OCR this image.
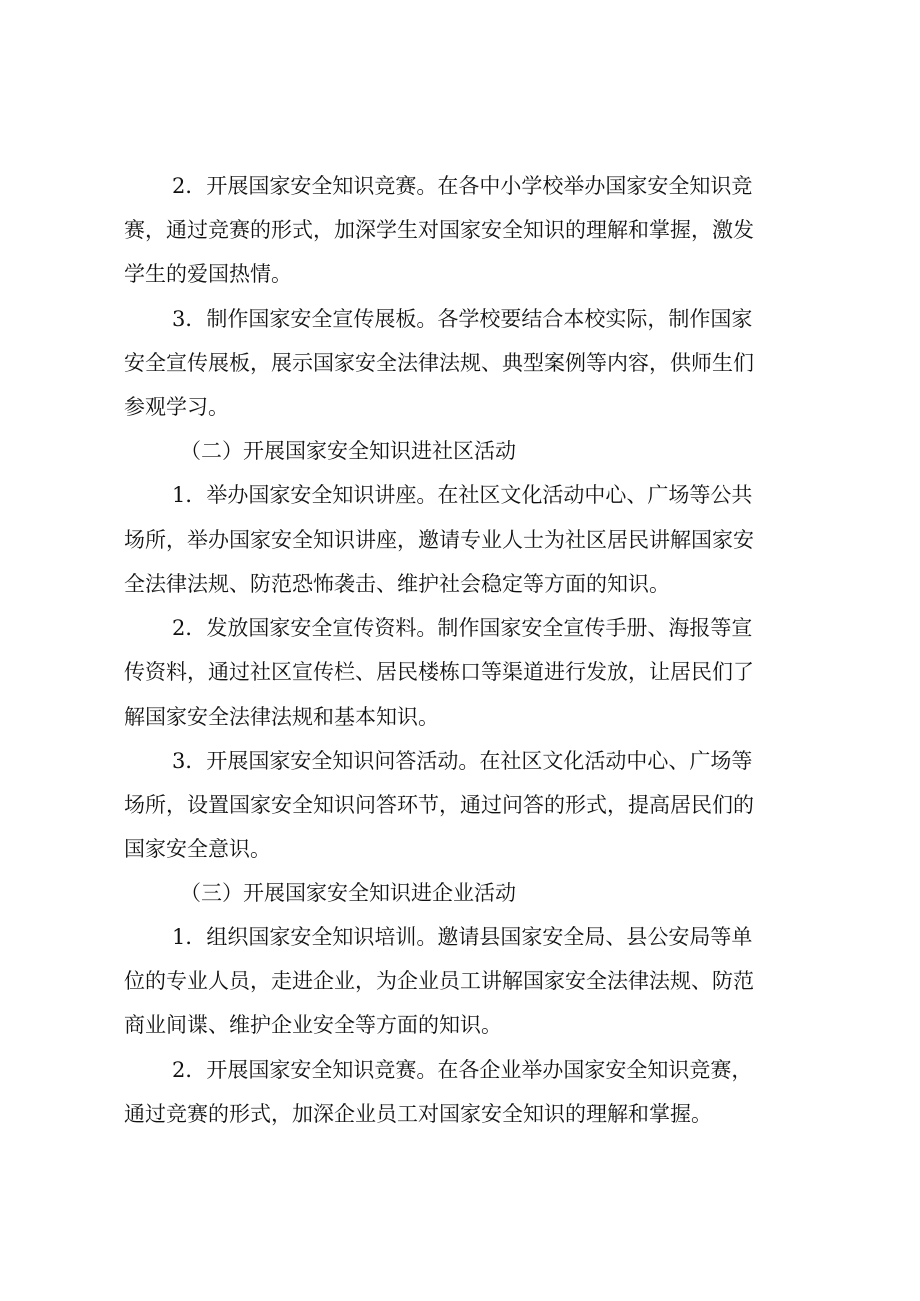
2．开展国家安全知识竞赛。在各中小学校举办国家安全知识竞
赛，通过竞赛的形式，加深学生对国家安全知识的理解和掌握，激发
学生的爱国热情。
3．制作国家安全宣传展板。各学校要结合本校实际，制作国家
安全宣传展板，展示国家安全法律法规、典型案例等内容，供师生们
参观学习。
（二）开展国家安全知识进社区活动
1．举办国家安全知识讲座。在社区文化活动中心、广场等公共
场所，举办国家安全知识讲座，邀请专业人士为社区居民讲解国家安
全法律法规、防范恐怖袭击、维护社会稳定等方面的知识。
2．发放国家安全宣传资料。制作国家安全宣传手册、海报等宣
传资料，通过社区宣传栏、居民楼栋口等渠道进行发放，让居民们了
解国家安全法律法规和基本知识。
3．开展国家安全知识问答活动。在社区文化活动中心、广场等
场所，设置国家安全知识问答环节，通过问答的形式，提高居民们的
国家安全意识。
（三）开展国家安全知识进企业活动
1．组织国家安全知识培训。邀请县国家安全局、县公安局等单
位的专业人员，走进企业，为企业员工讲解国家安全法律法规、防范
商业间谍、维护企业安全等方面的知识。
2．开展国家安全知识竞赛。在各企业举办国家安全知识竞赛，
通过竞赛的形式，加深企业员工对国家安全知识的理解和掌握。
